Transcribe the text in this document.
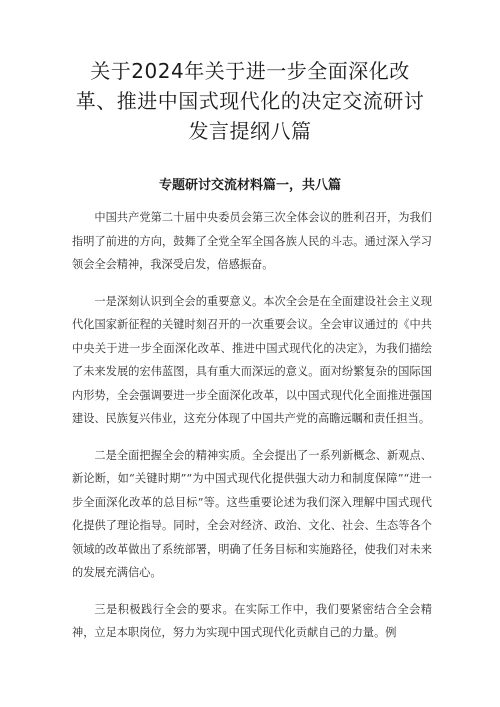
关于2024年关于进一步全面深化改革、推进中国式现代化的决定交流研讨发言提纲八篇
专题研讨交流材料篇一，共八篇

中国共产党第二十届中央委员会第三次全体会议的胜利召开，为我们指明了前进的方向，鼓舞了全党全军全国各族人民的斗志。通过深入学习领会全会精神，我深受启发，倍感振奋。

一是深刻认识到全会的重要意义。本次全会是在全面建设社会主义现代化国家新征程的关键时刻召开的一次重要会议。全会审议通过的《中共中央关于进一步全面深化改革、推进中国式现代化的决定》，为我们描绘了未来发展的宏伟蓝图，具有重大而深远的意义。面对纷繁复杂的国际国内形势，全会强调要进一步全面深化改革，以中国式现代化全面推进强国建设、民族复兴伟业，这充分体现了中国共产党的高瞻远瞩和责任担当。

二是全面把握全会的精神实质。全会提出了一系列新概念、新观点、新论断，如“关键时期”“为中国式现代化提供强大动力和制度保障”“进一步全面深化改革的总目标”等。这些重要论述为我们深入理解中国式现代化提供了理论指导。同时，全会对经济、政治、文化、社会、生态等各个领域的改革做出了系统部署，明确了任务目标和实施路径，使我们对未来的发展充满信心。

三是积极践行全会的要求。在实际工作中，我们要紧密结合全会精神，立足本职岗位，努力为实现中国式现代化贡献自己的力量。例
